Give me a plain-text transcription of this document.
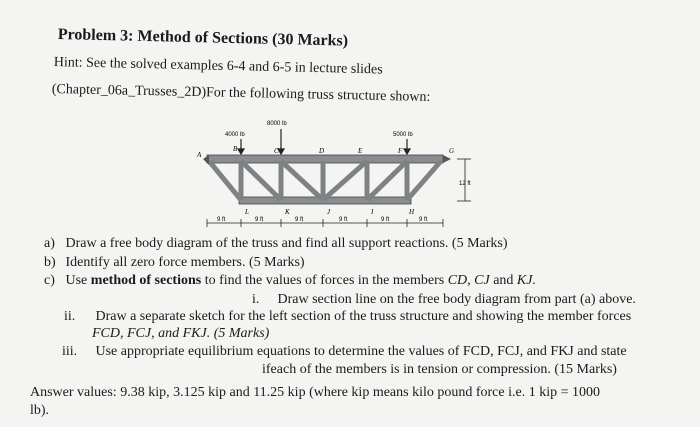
Problem 3: Method of Sections (30 Marks)
Hint: See the solved examples 6-4 and 6-5 in lecture slides
(Chapter_06a_Trusses_2D)For the following truss structure shown:
4000 lb
8000 lb
5000 lb
A
B	C	D	E	F	G
L	K	J	I	H
12 ft
9 ft	9 ft	9 ft	9 ft	9 ft	9 ft
a) Draw a free body diagram of the truss and find all support reactions. (5 Marks)
b) Identify all zero force members. (5 Marks)
c) Use method of sections to find the values of forces in the members CD, CJ and KJ.
i. Draw section line on the free body diagram from part (a) above.
ii. Draw a separate sketch for the left section of the truss structure and showing the member forces
FCD, FCJ, and FKJ. (5 Marks)
iii. Use appropriate equilibrium equations to determine the values of FCD, FCJ, and FKJ and state
ifeach of the members is in tension or compression. (15 Marks)
Answer values: 9.38 kip, 3.125 kip and 11.25 kip (where kip means kilo pound force i.e. 1 kip = 1000
lb).
